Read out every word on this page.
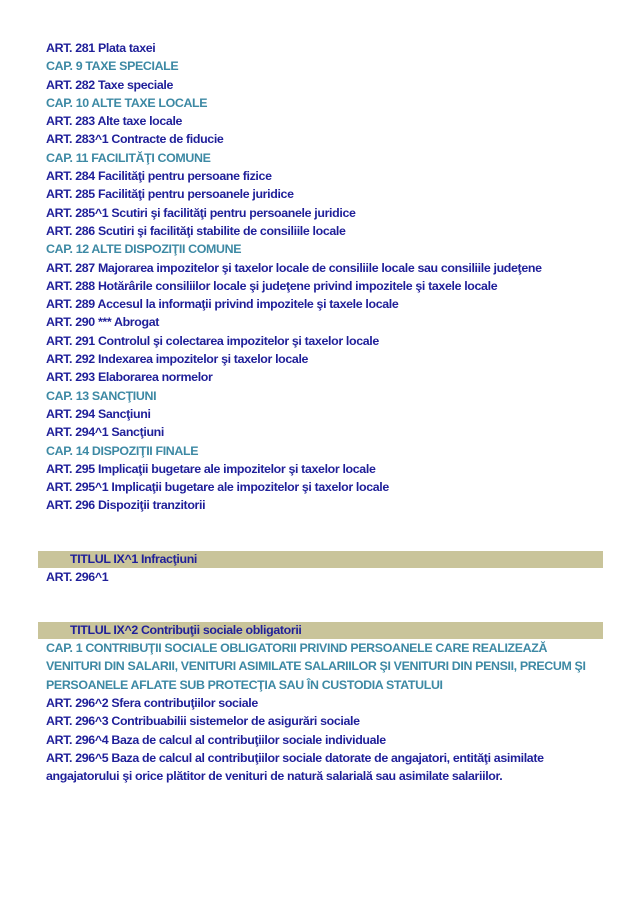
ART. 281 Plata taxei
CAP. 9 TAXE SPECIALE
ART. 282 Taxe speciale
CAP. 10 ALTE TAXE LOCALE
ART. 283 Alte taxe locale
ART. 283^1 Contracte de fiducie
CAP. 11 FACILITĂŢI COMUNE
ART. 284 Facilităţi pentru persoane fizice
ART. 285 Facilităţi pentru persoanele juridice
ART. 285^1 Scutiri şi facilităţi pentru persoanele juridice
ART. 286 Scutiri şi facilităţi stabilite de consiliile locale
CAP. 12 ALTE DISPOZIŢII COMUNE
ART. 287 Majorarea impozitelor şi taxelor locale de consiliile locale sau consiliile judeţene
ART. 288 Hotărârile consiliilor locale şi judeţene privind impozitele şi taxele locale
ART. 289 Accesul la informaţii privind impozitele şi taxele locale
ART. 290 *** Abrogat
ART. 291 Controlul şi colectarea impozitelor şi taxelor locale
ART. 292 Indexarea impozitelor şi taxelor locale
ART. 293 Elaborarea normelor
CAP. 13 SANCŢIUNI
ART. 294 Sancţiuni
ART. 294^1 Sancţiuni
CAP. 14 DISPOZIŢII FINALE
ART. 295 Implicaţii bugetare ale impozitelor şi taxelor locale
ART. 295^1 Implicaţii bugetare ale impozitelor şi taxelor locale
ART. 296 Dispoziţii tranzitorii
TITLUL IX^1 Infracţiuni
ART. 296^1
TITLUL IX^2 Contribuţii sociale obligatorii
CAP. 1 CONTRIBUŢII SOCIALE OBLIGATORII PRIVIND PERSOANELE CARE REALIZEAZĂ VENITURI DIN SALARII, VENITURI ASIMILATE SALARIILOR ŞI VENITURI DIN PENSII, PRECUM ŞI PERSOANELE AFLATE SUB PROTECŢIA SAU ÎN CUSTODIA STATULUI
ART. 296^2 Sfera contribuţiilor sociale
ART. 296^3 Contribuabilii sistemelor de asigurări sociale
ART. 296^4 Baza de calcul al contribuţiilor sociale individuale
ART. 296^5 Baza de calcul al contribuţiilor sociale datorate de angajatori, entităţi asimilate angajatorului şi orice plătitor de venituri de natură salarială sau asimilate salariilor.
